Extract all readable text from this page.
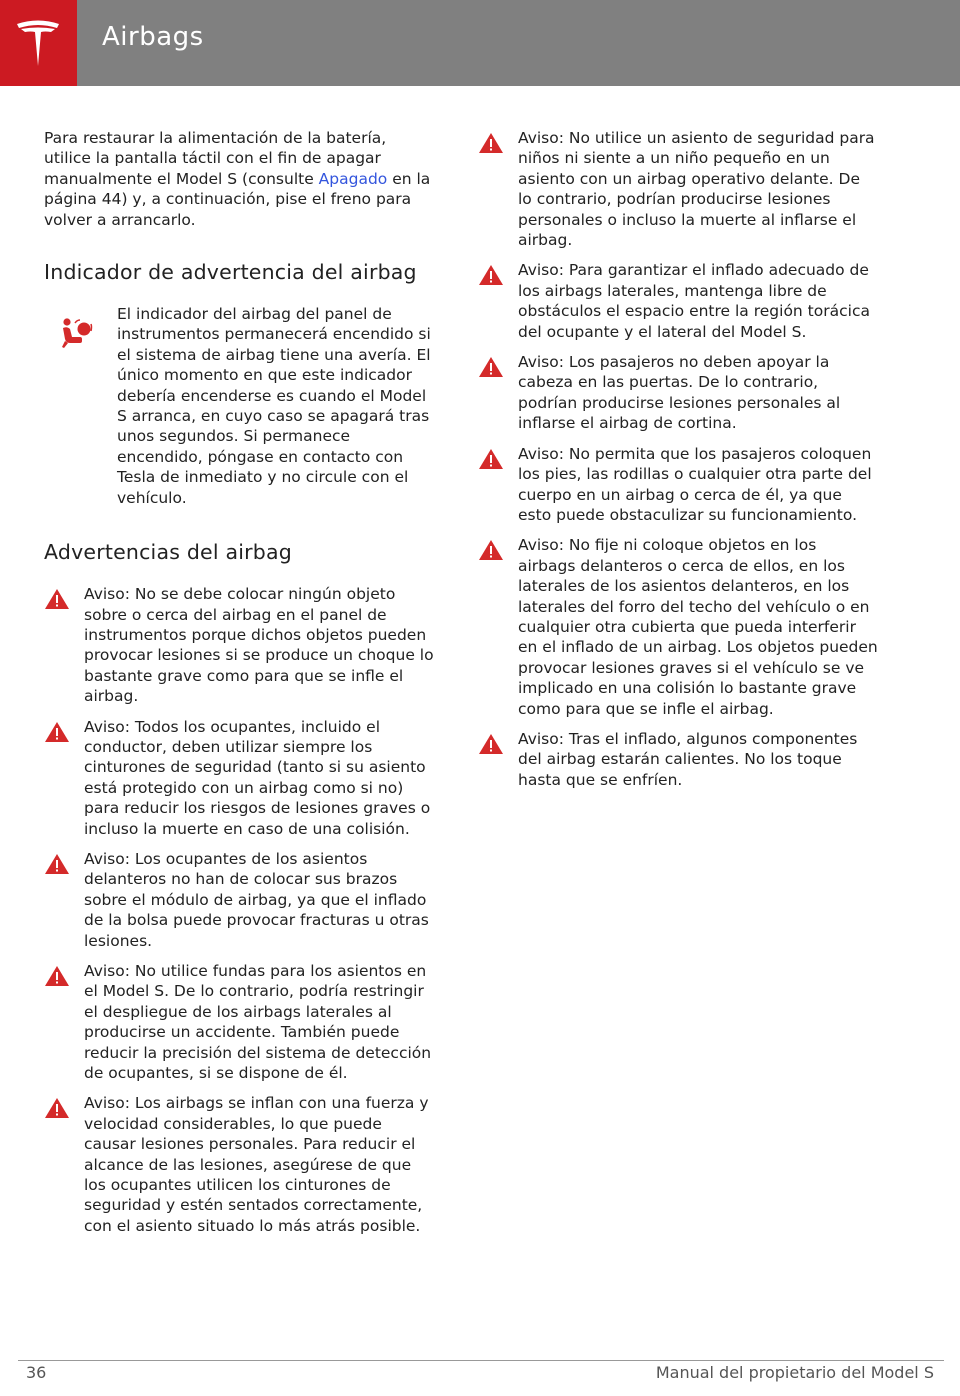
Airbags

Para restaurar la alimentación de la batería, utilice la pantalla táctil con el fin de apagar manualmente el Model S (consulte Apagado en la página 44) y, a continuación, pise el freno para volver a arrancarlo.

Indicador de advertencia del airbag
El indicador del airbag del panel de instrumentos permanecerá encendido si el sistema de airbag tiene una avería. El único momento en que este indicador debería encenderse es cuando el Model S arranca, en cuyo caso se apagará tras unos segundos. Si permanece encendido, póngase en contacto con Tesla de inmediato y no circule con el vehículo.
Advertencias del airbag
Aviso: No se debe colocar ningún objeto sobre o cerca del airbag en el panel de instrumentos porque dichos objetos pueden provocar lesiones si se produce un choque lo bastante grave como para que se infle el airbag.
Aviso: Todos los ocupantes, incluido el conductor, deben utilizar siempre los cinturones de seguridad (tanto si su asiento está protegido con un airbag como si no) para reducir los riesgos de lesiones graves o incluso la muerte en caso de una colisión.
Aviso: Los ocupantes de los asientos delanteros no han de colocar sus brazos sobre el módulo de airbag, ya que el inflado de la bolsa puede provocar fracturas u otras lesiones.
Aviso: No utilice fundas para los asientos en el Model S. De lo contrario, podría restringir el despliegue de los airbags laterales al producirse un accidente. También puede reducir la precisión del sistema de detección de ocupantes, si se dispone de él.
Aviso: Los airbags se inflan con una fuerza y velocidad considerables, lo que puede causar lesiones personales. Para reducir el alcance de las lesiones, asegúrese de que los ocupantes utilicen los cinturones de seguridad y estén sentados correctamente, con el asiento situado lo más atrás posible.
Aviso: No utilice un asiento de seguridad para niños ni siente a un niño pequeño en un asiento con un airbag operativo delante. De lo contrario, podrían producirse lesiones personales o incluso la muerte al inflarse el airbag.
Aviso: Para garantizar el inflado adecuado de los airbags laterales, mantenga libre de obstáculos el espacio entre la región torácica del ocupante y el lateral del Model S.
Aviso: Los pasajeros no deben apoyar la cabeza en las puertas. De lo contrario, podrían producirse lesiones personales al inflarse el airbag de cortina.
Aviso: No permita que los pasajeros coloquen los pies, las rodillas o cualquier otra parte del cuerpo en un airbag o cerca de él, ya que esto puede obstaculizar su funcionamiento.
Aviso: No fije ni coloque objetos en los airbags delanteros o cerca de ellos, en los laterales de los asientos delanteros, en los laterales del forro del techo del vehículo o en cualquier otra cubierta que pueda interferir en el inflado de un airbag. Los objetos pueden provocar lesiones graves si el vehículo se ve implicado en una colisión lo bastante grave como para que se infle el airbag.
Aviso: Tras el inflado, algunos componentes del airbag estarán calientes. No los toque hasta que se enfríen.
36	Manual del propietario del Model S
